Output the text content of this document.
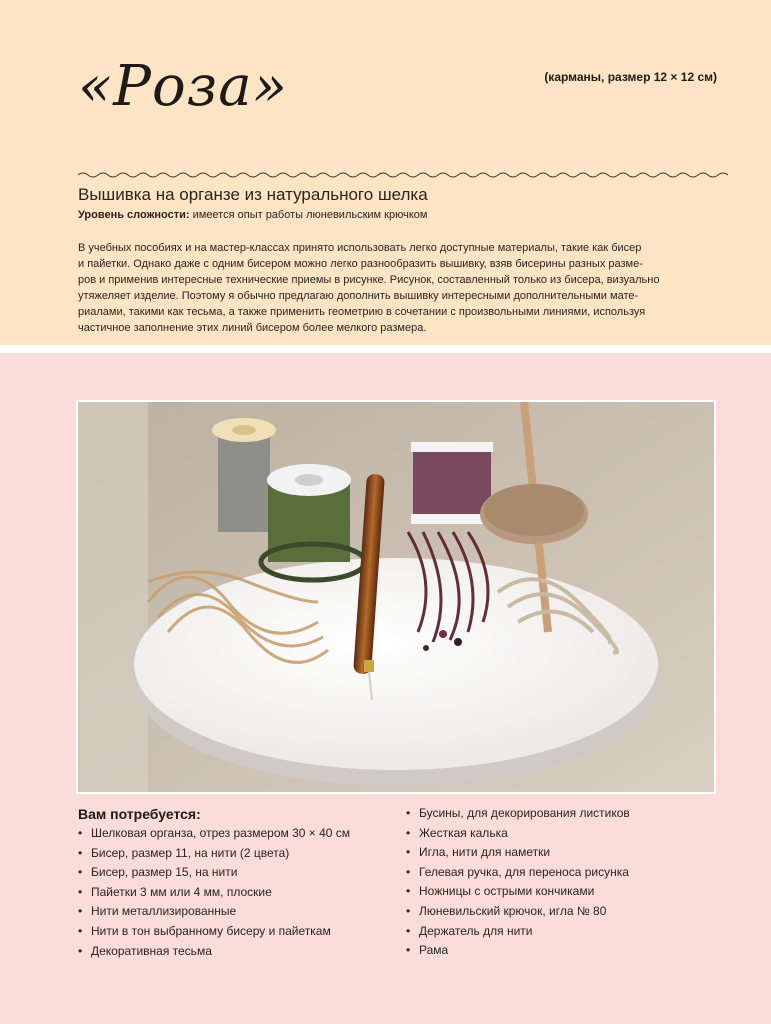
«Роза»	(карманы, размер 12 × 12 см)
Вышивка на органзе из натурального шелка
Уровень сложности: имеется опыт работы люневильским крючком

В учебных пособиях и на мастер-классах принято использовать легко доступные материалы, такие как бисер

и пайетки. Однако даже с одним бисером можно легко разнообразить вышивку, взяв бисерины разных разме-

ров и применив интересные технические приемы в рисунке. Рисунок, составленный только из бисера, визуально

утяжеляет изделие. Поэтому я обычно предлагаю дополнить вышивку интересными дополнительными мате-

риалами, такими как тесьма, а также применить геометрию в сочетании с произвольными линиями, используя

частичное заполнение этих линий бисером более мелкого размера.

Вам потребуется:
• Шелковая органза, отрез размером 30 × 40 см
• Бисер, размер 11, на нити (2 цвета)
• Бисер, размер 15, на нити
• Пайетки 3 мм или 4 мм, плоские
• Нити металлизированные
• Нити в тон выбранному бисеру и пайеткам
• Декоративная тесьма
• Бусины, для декорирования листиков
• Жесткая калька
• Игла, нити для наметки
• Гелевая ручка, для переноса рисунка
• Ножницы с острыми кончиками
• Люневильский крючок, игла № 80
• Держатель для нити
• Рама
